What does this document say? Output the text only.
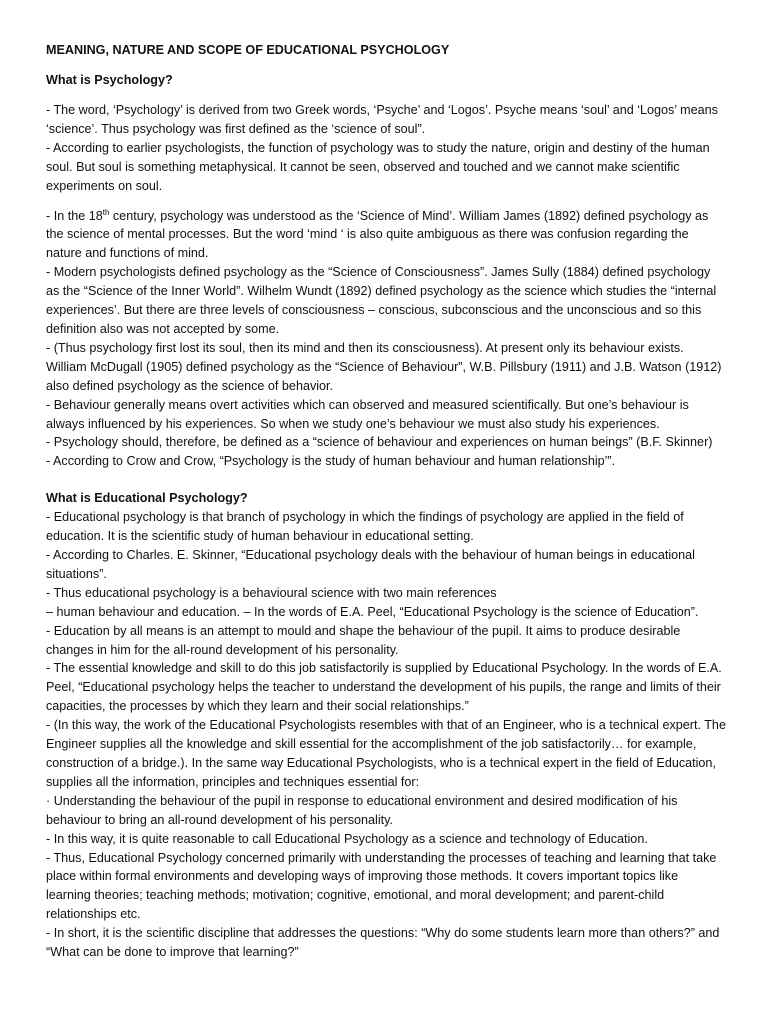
MEANING, NATURE AND SCOPE OF EDUCATIONAL PSYCHOLOGY
What is Psychology?

- The word, ‘Psychology’ is derived from two Greek words, ‘Psyche’ and ‘Logos’. Psyche means ‘soul’ and ‘Logos’ means ‘science’. Thus psychology was first defined as the ‘science of soul”.

- According to earlier psychologists, the function of psychology was to study the nature, origin and destiny of the human soul. But soul is something metaphysical. It cannot be seen, observed and touched and we cannot make scientific experiments on soul.

- In the 18th century, psychology was understood as the ‘Science of Mind’. William James (1892) defined psychology as the science of mental processes. But the word ‘mind ‘ is also quite ambiguous as there was confusion regarding the nature and functions of mind.

- Modern psychologists defined psychology as the “Science of Consciousness”. James Sully (1884) defined psychology as the “Science of the Inner World”. Wilhelm Wundt (1892) defined psychology as the science which studies the “internal experiences’. But there are three levels of consciousness – conscious, subconscious and the unconscious and so this definition also was not accepted by some.

- (Thus psychology first lost its soul, then its mind and then its consciousness). At present only its behaviour exists. William McDugall (1905) defined psychology as the “Science of Behaviour”, W.B. Pillsbury (1911) and J.B. Watson (1912) also defined psychology as the science of behavior.

- Behaviour generally means overt activities which can observed and measured scientifically. But one’s behaviour is always influenced by his experiences. So when we study one’s behaviour we must also study his experiences.

- Psychology should, therefore, be defined as a “science of behaviour and experiences on human beings” (B.F. Skinner)

- According to Crow and Crow, “Psychology is the study of human behaviour and human relationship’”.

What is Educational Psychology?

- Educational psychology is that branch of psychology in which the findings of psychology are applied in the field of education. It is the scientific study of human behaviour in educational setting.

- According to Charles. E. Skinner, “Educational psychology deals with the behaviour of human beings in educational situations”.

- Thus educational psychology is a behavioural science with two main references

– human behaviour and education. – In the words of E.A. Peel, “Educational Psychology is the science of Education”.

- Education by all means is an attempt to mould and shape the behaviour of the pupil. It aims to produce desirable changes in him for the all-round development of his personality.

- The essential knowledge and skill to do this job satisfactorily is supplied by Educational Psychology. In the words of E.A. Peel, “Educational psychology helps the teacher to understand the development of his pupils, the range and limits of their capacities, the processes by which they learn and their social relationships.”

- (In this way, the work of the Educational Psychologists resembles with that of an Engineer, who is a technical expert. The Engineer supplies all the knowledge and skill essential for the accomplishment of the job satisfactorily… for example, construction of a bridge.). In the same way Educational Psychologists, who is a technical expert in the field of Education, supplies all the information, principles and techniques essential for:

· Understanding the behaviour of the pupil in response to educational environment and desired modification of his behaviour to bring an all-round development of his personality.

- In this way, it is quite reasonable to call Educational Psychology as a science and technology of Education.

- Thus, Educational Psychology concerned primarily with understanding the processes of teaching and learning that take place within formal environments and developing ways of improving those methods. It covers important topics like learning theories; teaching methods; motivation; cognitive, emotional, and moral development; and parent-child relationships etc.

- In short, it is the scientific discipline that addresses the questions: “Why do some students learn more than others?” and “What can be done to improve that learning?”
